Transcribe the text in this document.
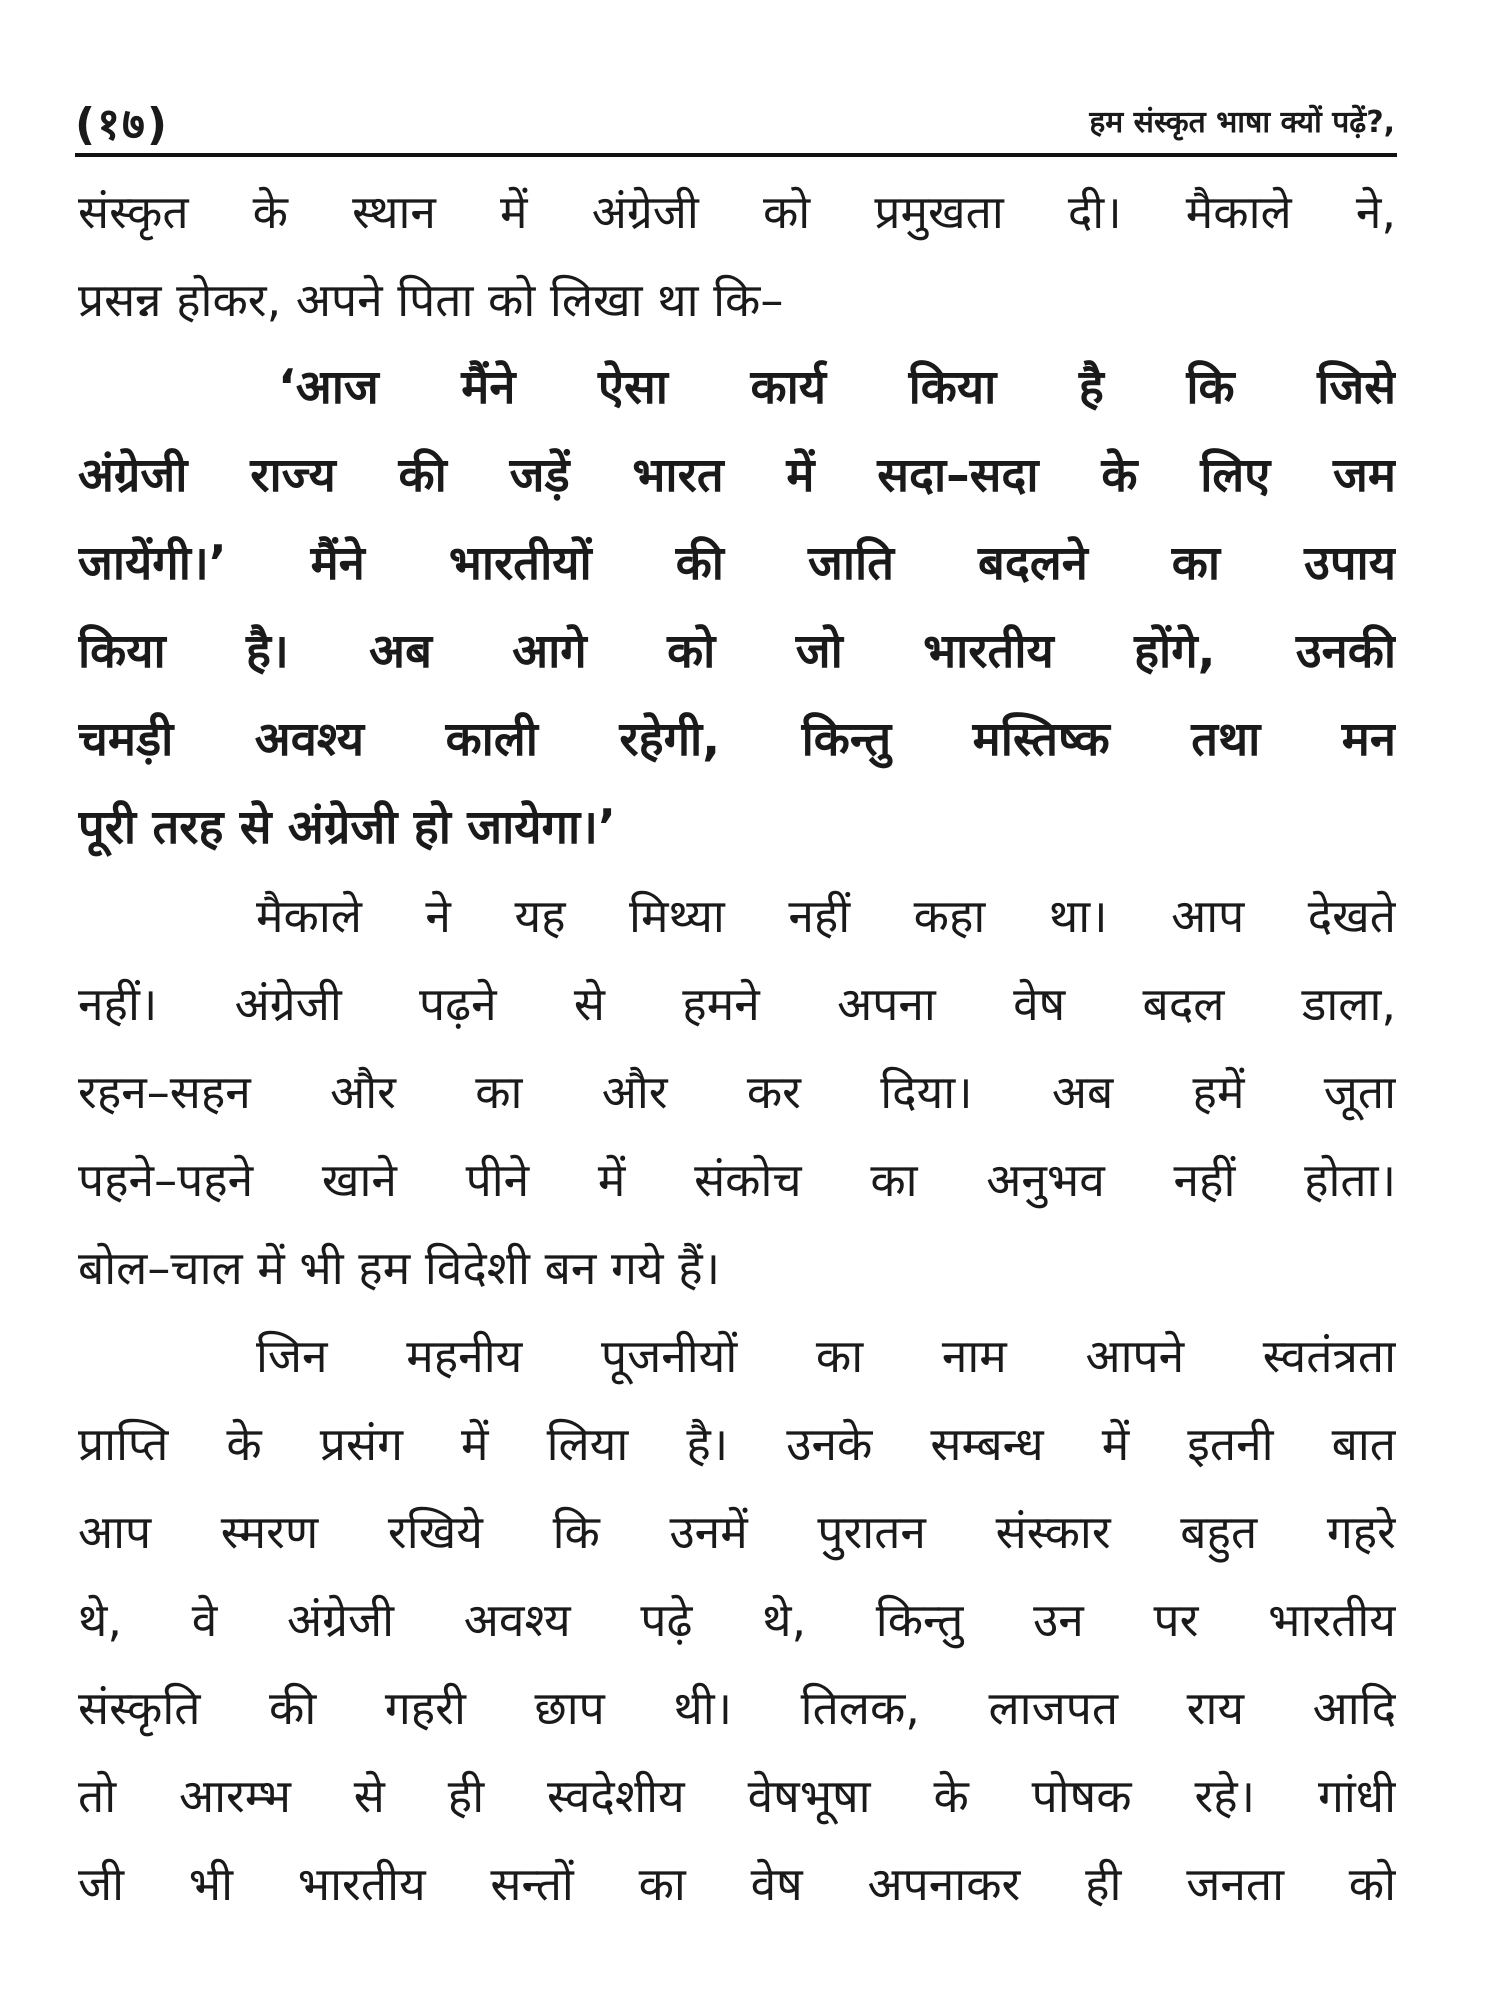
(१७)	हम संस्कृत भाषा क्यों पढ़ें?,
संस्कृत के स्थान में अंग्रेजी को प्रमुखता दी। मैकाले ने,
प्रसन्न होकर, अपने पिता को लिखा था कि–
‘आज मैंने ऐसा कार्य किया है कि जिसे
अंग्रेजी राज्य की जड़ें भारत में सदा–सदा के लिए जम
जायेंगी।’ मैंने भारतीयों की जाति बदलने का उपाय
किया है। अब आगे को जो भारतीय होंगे, उनकी
चमड़ी अवश्य काली रहेगी, किन्तु मस्तिष्क तथा मन
पूरी तरह से अंग्रेजी हो जायेगा।’
मैकाले ने यह मिथ्या नहीं कहा था। आप देखते
नहीं। अंग्रेजी पढ़ने से हमने अपना वेष बदल डाला,
रहन–सहन और का और कर दिया। अब हमें जूता
पहने–पहने खाने पीने में संकोच का अनुभव नहीं होता।
बोल–चाल में भी हम विदेशी बन गये हैं।
जिन महनीय पूजनीयों का नाम आपने स्वतंत्रता
प्राप्ति के प्रसंग में लिया है। उनके सम्बन्ध में इतनी बात
आप स्मरण रखिये कि उनमें पुरातन संस्कार बहुत गहरे
थे, वे अंग्रेजी अवश्य पढ़े थे, किन्तु उन पर भारतीय
संस्कृति की गहरी छाप थी। तिलक, लाजपत राय आदि
तो आरम्भ से ही स्वदेशीय वेषभूषा के पोषक रहे। गांधी
जी भी भारतीय सन्तों का वेष अपनाकर ही जनता को
